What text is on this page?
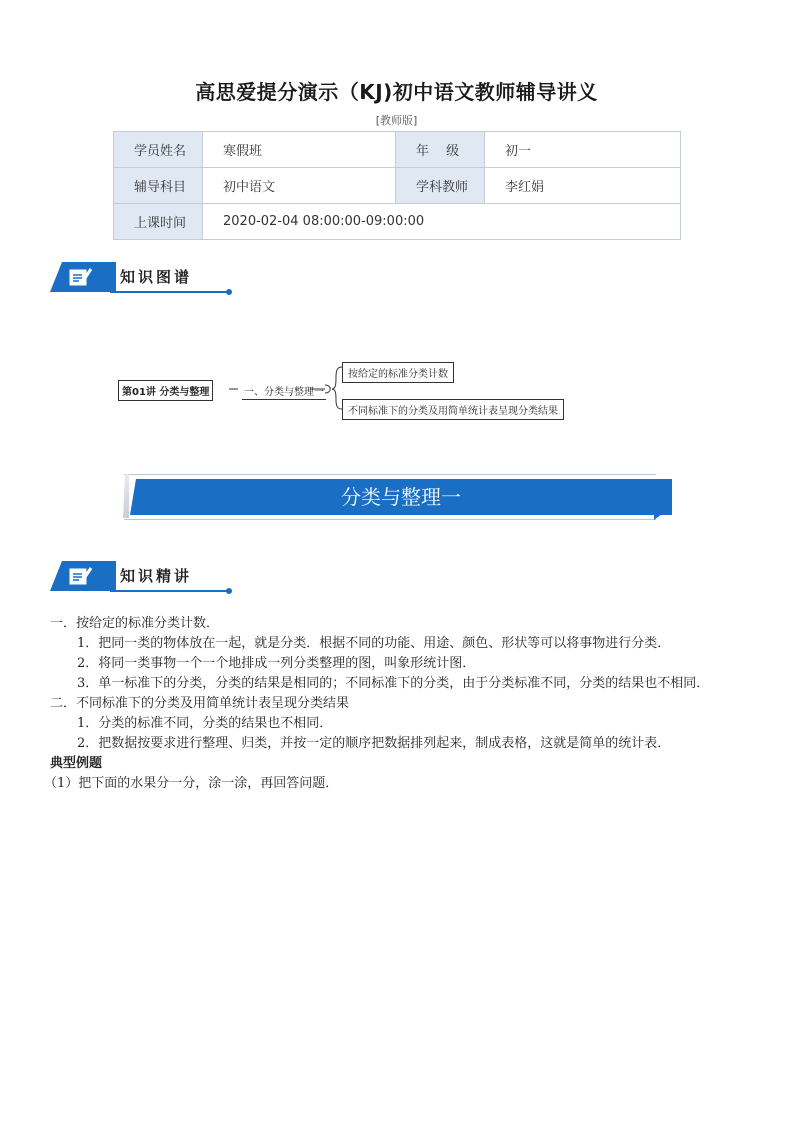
高思爱提分演示（KJ)初中语文教师辅导讲义
[教师版]
学员姓名	寒假班	年　 级	初一
辅导科目	初中语文	学科教师	李红娟
上课时间	2020-02-04 08:00:00-09:00:00		
知识图谱
第01讲 分类与整理	一、分类与整理一
按给定的标准分类计数
不同标准下的分类及用简单统计表呈现分类结果
分类与整理一
知识精讲
一．按给定的标准分类计数．
1．把同一类的物体放在一起，就是分类．根据不同的功能、用途、颜色、形状等可以将事物进行分类．
2．将同一类事物一个一个地排成一列分类整理的图，叫象形统计图．
3．单一标准下的分类，分类的结果是相同的；不同标准下的分类，由于分类标准不同，分类的结果也不相同．
二．不同标准下的分类及用简单统计表呈现分类结果
1．分类的标准不同，分类的结果也不相同．
2．把数据按要求进行整理、归类，并按一定的顺序把数据排列起来，制成表格，这就是简单的统计表．
典型例题
（1）把下面的水果分一分，涂一涂，再回答问题．
